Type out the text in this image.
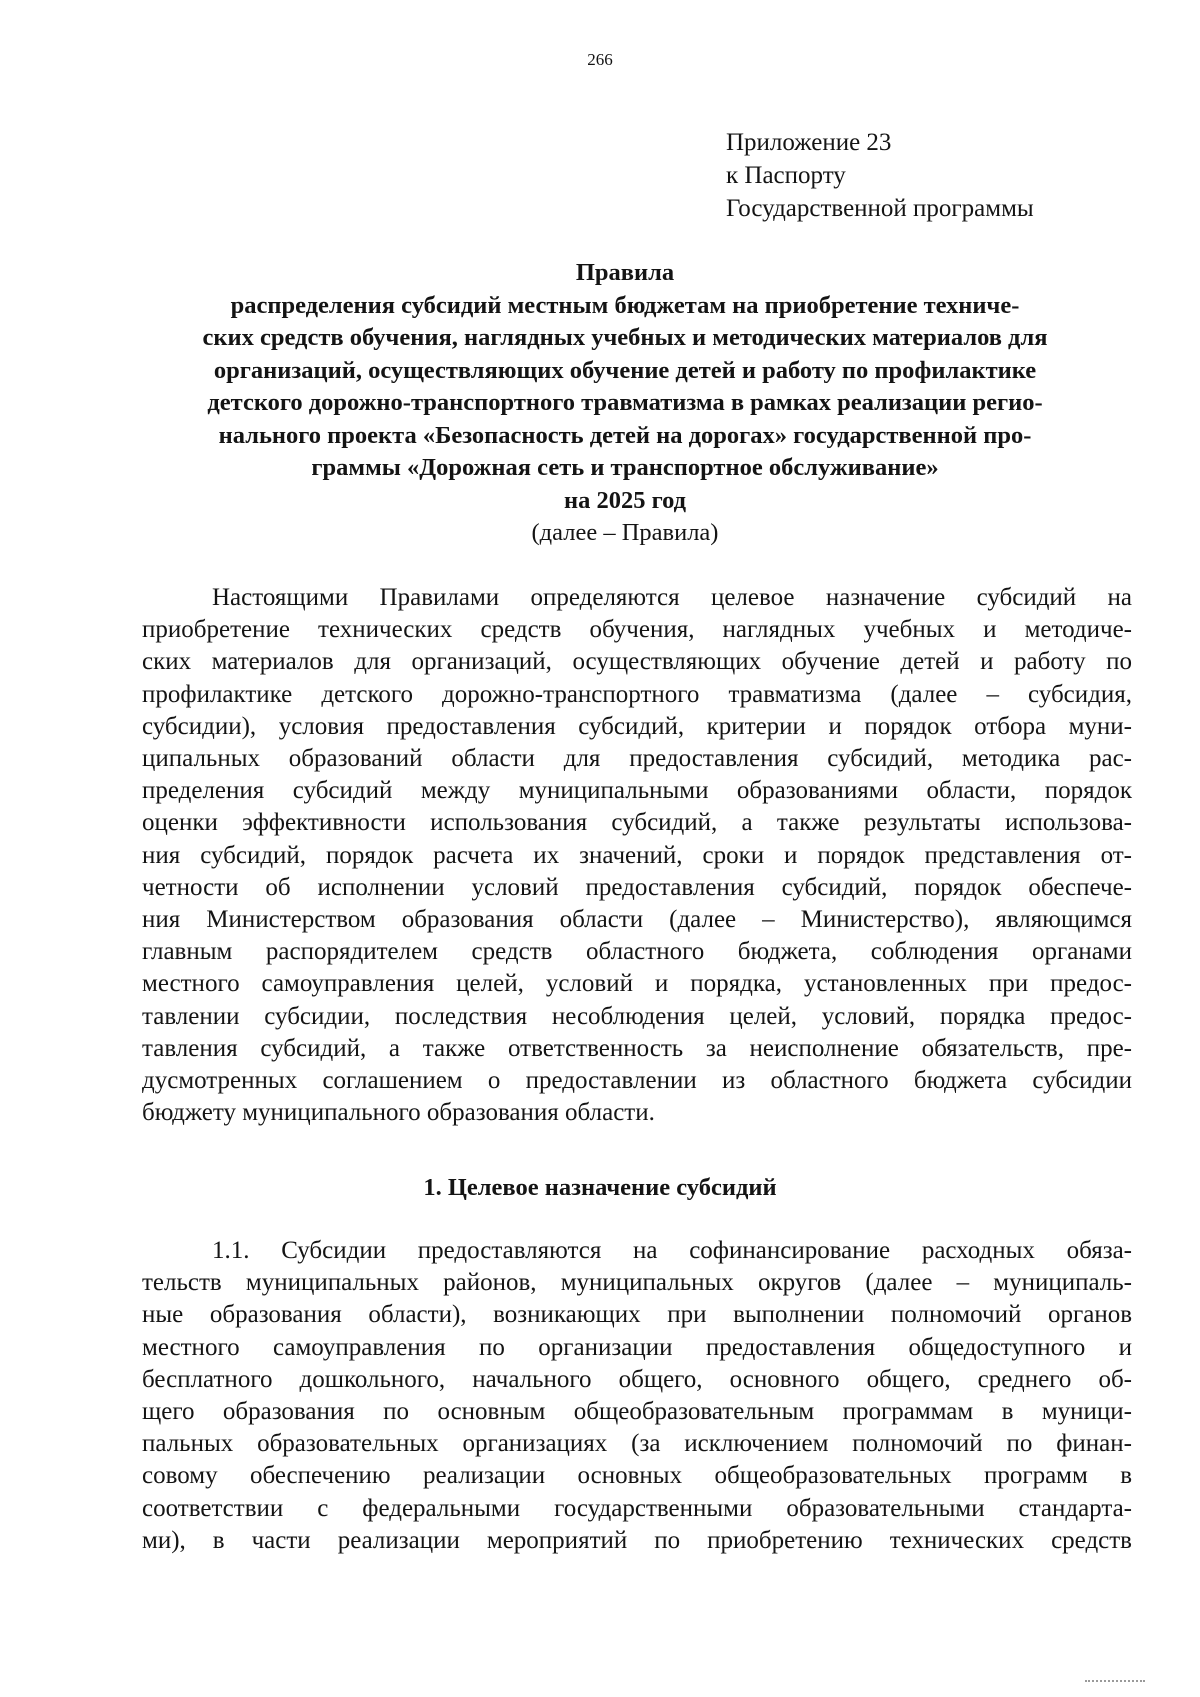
266
Приложение 23
к Паспорту
Государственной программы
Правила
распределения субсидий местным бюджетам на приобретение техниче-
ских средств обучения, наглядных учебных и методических материалов для
организаций, осуществляющих обучение детей и работу по профилактике
детского дорожно-транспортного травматизма в рамках реализации регио-
нального проекта «Безопасность детей на дорогах» государственной про-
граммы «Дорожная сеть и транспортное обслуживание»
на 2025 год
(далее – Правила)
Настоящими Правилами определяются целевое назначение субсидий на
приобретение технических средств обучения, наглядных учебных и методиче-
ских материалов для организаций, осуществляющих обучение детей и работу по
профилактике детского дорожно-транспортного травматизма (далее – субсидия,
субсидии), условия предоставления субсидий, критерии и порядок отбора муни-
ципальных образований области для предоставления субсидий, методика рас-
пределения субсидий между муниципальными образованиями области, порядок
оценки эффективности использования субсидий, а также результаты использова-
ния субсидий, порядок расчета их значений, сроки и порядок представления от-
четности об исполнении условий предоставления субсидий, порядок обеспече-
ния Министерством образования области (далее – Министерство), являющимся
главным распорядителем средств областного бюджета, соблюдения органами
местного самоуправления целей, условий и порядка, установленных при предос-
тавлении субсидии, последствия несоблюдения целей, условий, порядка предос-
тавления субсидий, а также ответственность за неисполнение обязательств, пре-
дусмотренных соглашением о предоставлении из областного бюджета субсидии
бюджету муниципального образования области.
1. Целевое назначение субсидий
1.1. Субсидии предоставляются на софинансирование расходных обяза-
тельств муниципальных районов, муниципальных округов (далее – муниципаль-
ные образования области), возникающих при выполнении полномочий органов
местного самоуправления по организации предоставления общедоступного и
бесплатного дошкольного, начального общего, основного общего, среднего об-
щего образования по основным общеобразовательным программам в муници-
пальных образовательных организациях (за исключением полномочий по финан-
совому обеспечению реализации основных общеобразовательных программ в
соответствии с федеральными государственными образовательными стандарта-
ми), в части реализации мероприятий по приобретению технических средств
